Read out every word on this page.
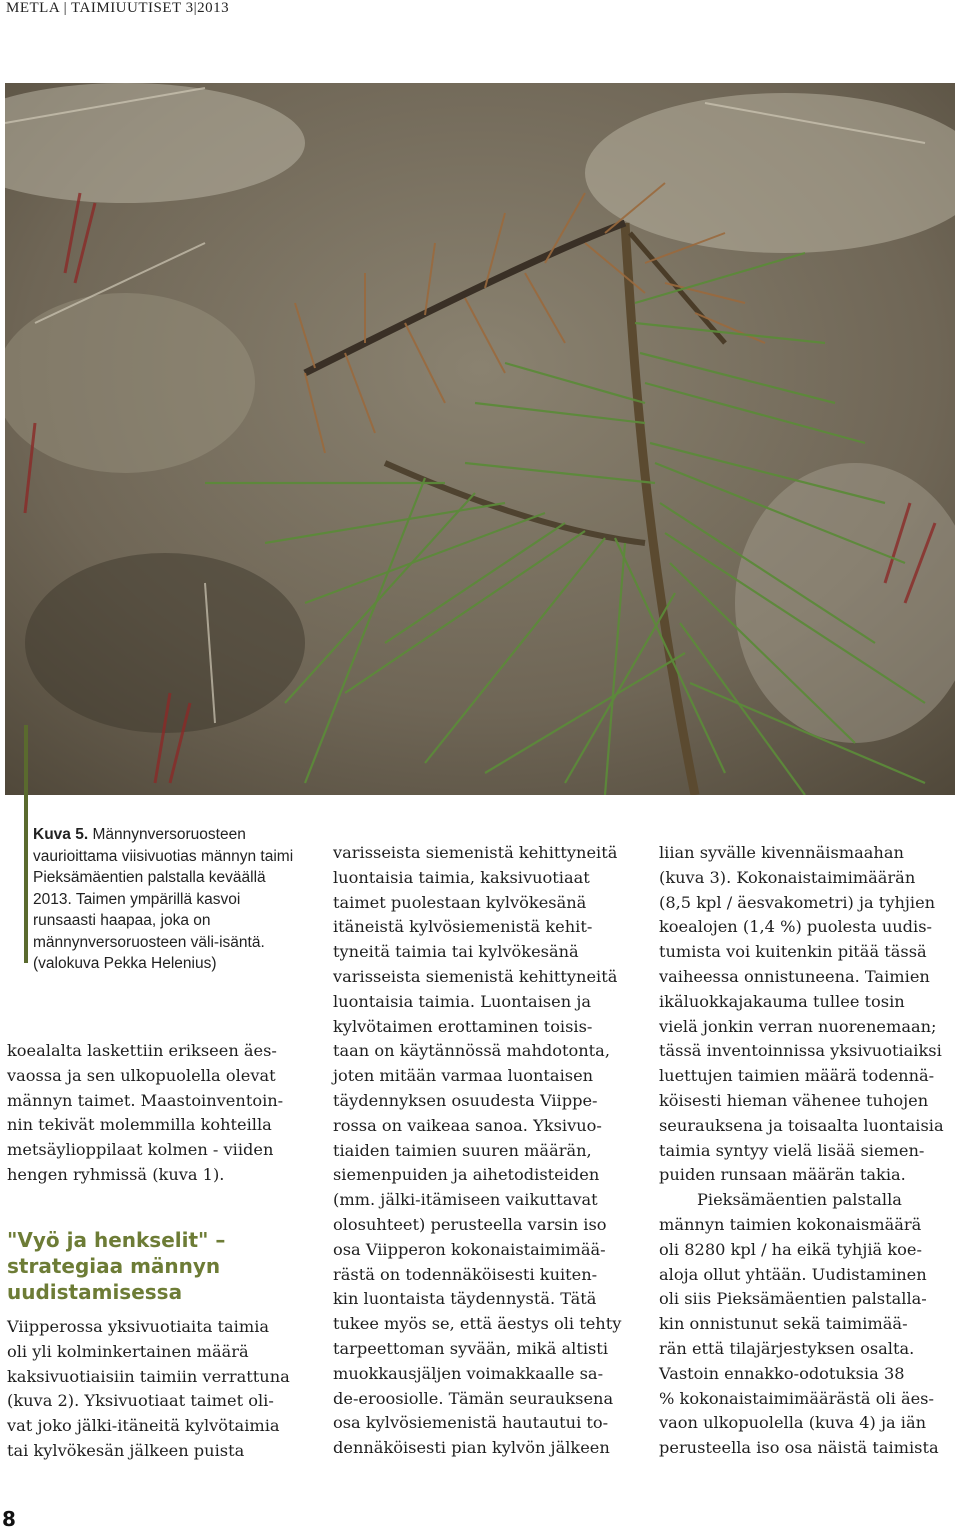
METLA | TAIMIUUTISET 3|2013
Kuva 5. Männynversoruosteen vaurioittama viisivuotias männyn taimi Pieksämäentien palstalla keväällä 2013. Taimen ympärillä kasvoi runsaasti haapaa, joka on männynversoruosteen väli-isäntä. (valokuva Pekka Helenius)
koealalta laskettiin erikseen äes-
vaossa ja sen ulkopuolella olevat
männyn taimet. Maastoinventoin-
nin tekivät molemmilla kohteilla
metsäylioppilaat kolmen - viiden
hengen ryhmissä (kuva 1).
"Vyö ja henkselit" –
strategiaa männyn
uudistamisessa
Viipperossa yksivuotiaita taimia
oli yli kolminkertainen määrä
kaksivuotiaisiin taimiin verrattuna
(kuva 2). Yksivuotiaat taimet oli-
vat joko jälki-itäneitä kylvötaimia
tai kylvökesän jälkeen puista
varisseista siemenistä kehittyneitä
luontaisia taimia, kaksivuotiaat
taimet puolestaan kylvökesänä
itäneistä kylvösiemenistä kehit-
tyneitä taimia tai kylvökesänä
varisseista siemenistä kehittyneitä
luontaisia taimia. Luontaisen ja
kylvötaimen erottaminen toisis-
taan on käytännössä mahdotonta,
joten mitään varmaa luontaisen
täydennyksen osuudesta Viippe-
rossa on vaikeaa sanoa. Yksivuo-
tiaiden taimien suuren määrän,
siemenpuiden ja aihetodisteiden
(mm. jälki-itämiseen vaikuttavat
olosuhteet) perusteella varsin iso
osa Viipperon kokonaistaimimää-
rästä on todennäköisesti kuiten-
kin luontaista täydennystä. Tätä
tukee myös se, että äestys oli tehty
tarpeettoman syvään, mikä altisti
muokkausjäljen voimakkaalle sa-
de-eroosiolle. Tämän seurauksena
osa kylvösiemenistä hautautui to-
dennäköisesti pian kylvön jälkeen
liian syvälle kivennäismaahan
(kuva 3). Kokonaistaimimäärän
(8,5 kpl / äesvakometri) ja tyhjien
koealojen (1,4 %) puolesta uudis-
tumista voi kuitenkin pitää tässä
vaiheessa onnistuneena. Taimien
ikäluokkajakauma tullee tosin
vielä jonkin verran nuorenemaan;
tässä inventoinnissa yksivuotiaiksi
luettujen taimien määrä todennä-
köisesti hieman vähenee tuhojen
seurauksena ja toisaalta luontaisia
taimia syntyy vielä lisää siemen-
puiden runsaan määrän takia.
Pieksämäentien palstalla
männyn taimien kokonaismäärä
oli 8280 kpl / ha eikä tyhjiä koe-
aloja ollut yhtään. Uudistaminen
oli siis Pieksämäentien palstalla-
kin onnistunut sekä taimimää-
rän että tilajärjestyksen osalta.
Vastoin ennakko-odotuksia 38
% kokonaistaimimäärästä oli äes-
vaon ulkopuolella (kuva 4) ja iän
perusteella iso osa näistä taimista
8
